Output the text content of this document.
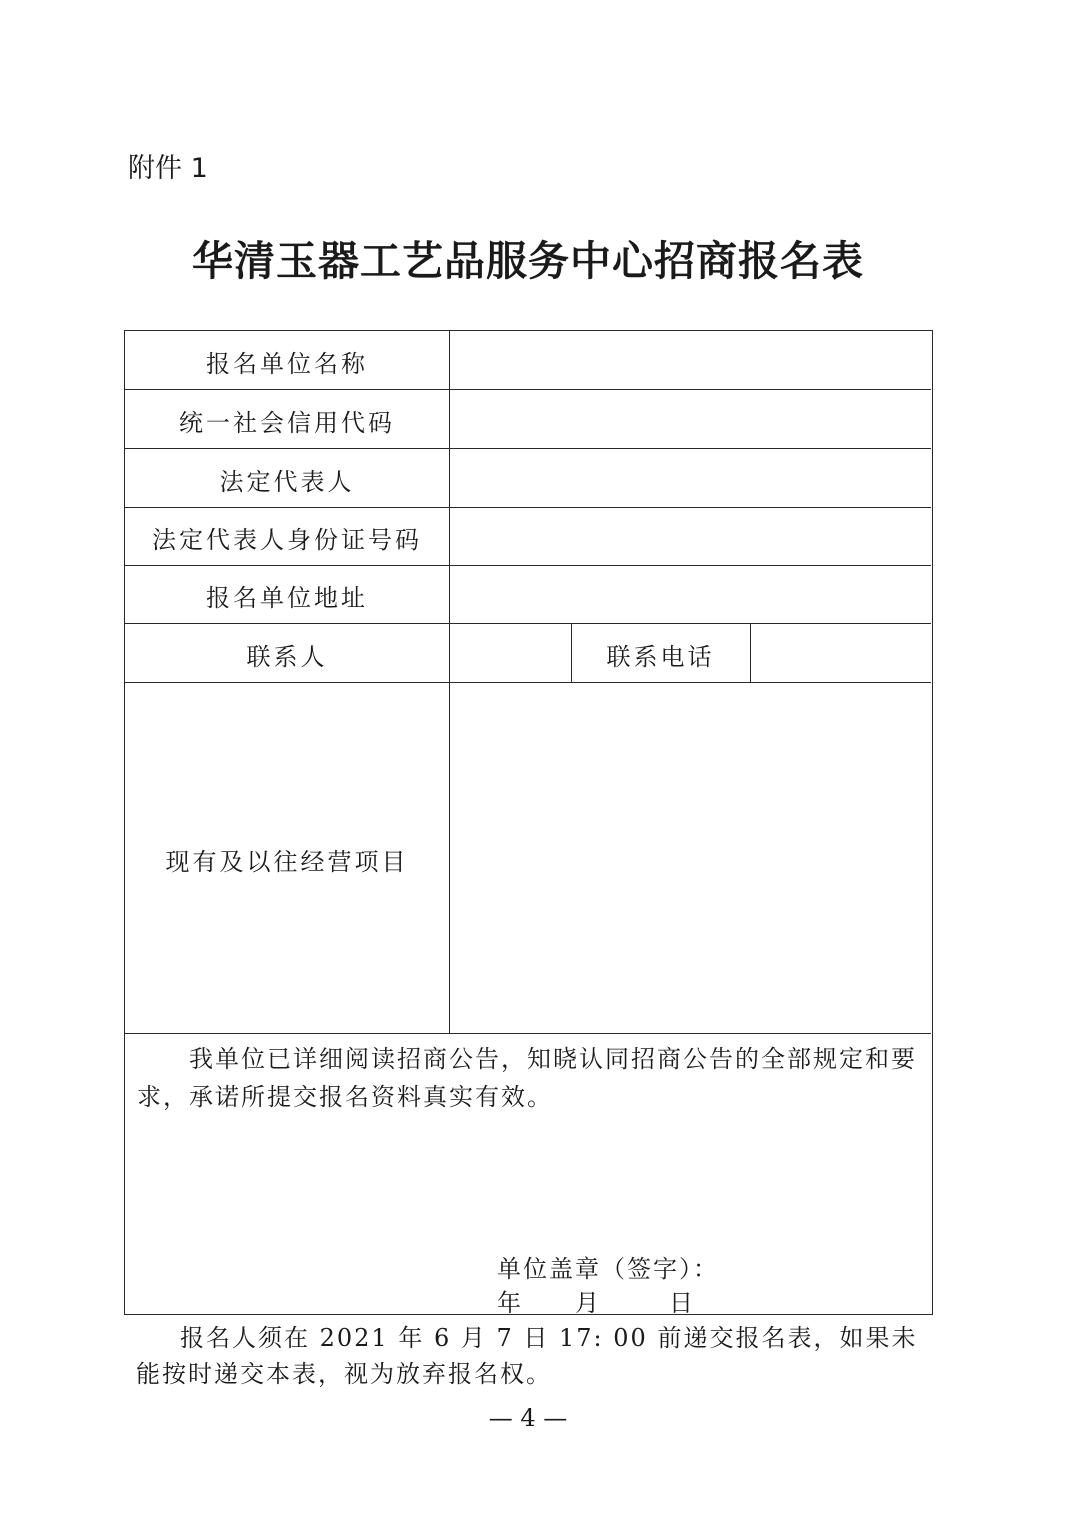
附件 1
华清玉器工艺品服务中心招商报名表
报名单位名称
统一社会信用代码
法定代表人
法定代表人身份证号码
报名单位地址
联系人	联系电话
现有及以往经营项目

我单位已详细阅读招商公告，知晓认同招商公告的全部规定和要求，承诺所提交报名资料真实有效。

单位盖章（签字）：
年 月	日

报名人须在 2021 年 6 月 7 日 17: 00 前递交报名表，如果未能按时递交本表，视为放弃报名权。

— 4 —
